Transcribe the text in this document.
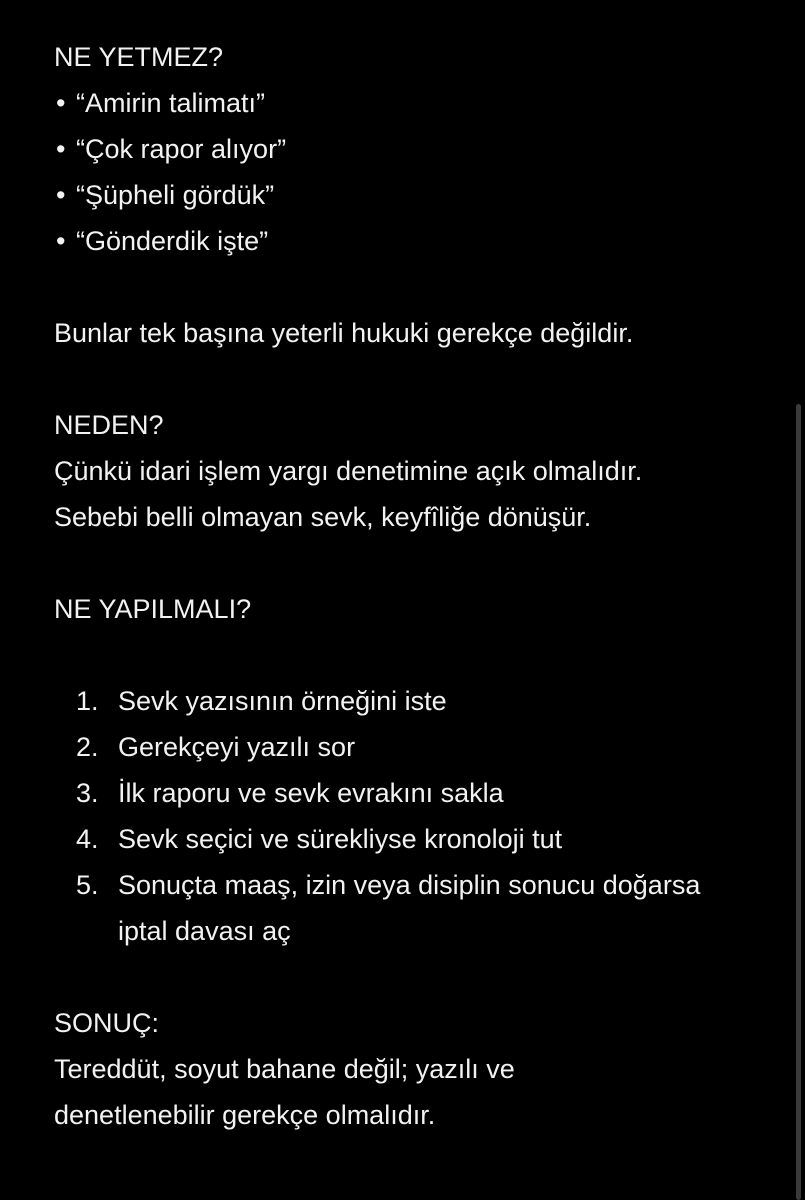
NE YETMEZ?

• “Amirin talimatı”
• “Çok rapor alıyor”
• “Şüpheli gördük”
• “Gönderdik işte”

Bunlar tek başına yeterli hukuki gerekçe değildir.

NEDEN?

Çünkü idari işlem yargı denetimine açık olmalıdır.

Sebebi belli olmayan sevk, keyfîliğe dönüşür.

NE YAPILMALI?

1. Sevk yazısının örneğini iste
2. Gerekçeyi yazılı sor
3. İlk raporu ve sevk evrakını sakla
4. Sevk seçici ve sürekliyse kronoloji tut
5. Sonuçta maaş, izin veya disiplin sonucu doğarsa iptal davası aç

SONUÇ:

Tereddüt, soyut bahane değil; yazılı ve

denetlenebilir gerekçe olmalıdır.
